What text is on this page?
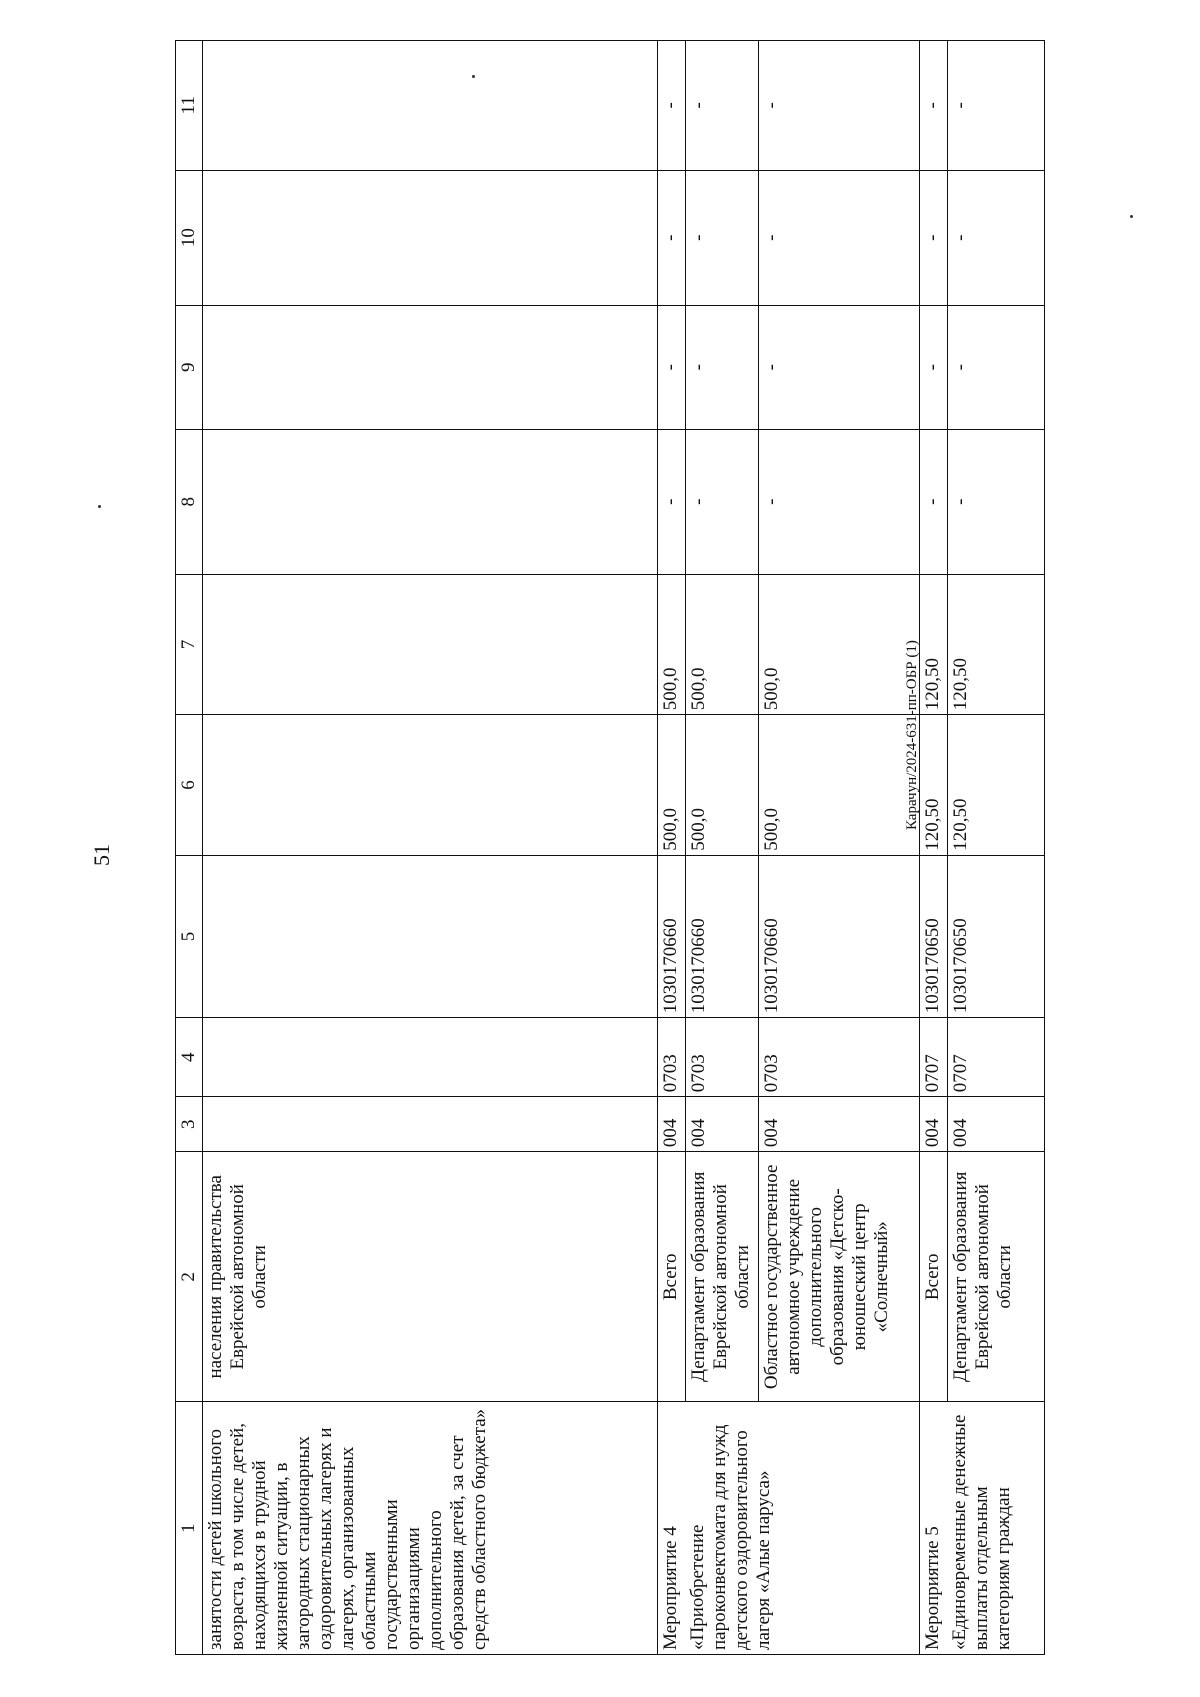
51
1	2	3	4	5	6	7	8	9	10	11
занятости детей школьного возраста, в том числе детей, находящихся в трудной жизненной ситуации, в загородных стационарных оздоровительных лагерях и лагерях, организованных областными государственными организациями дополнительного образования детей, за счет средств областного бюджета»	населения правительства Еврейской автономной области									
Мероприятие 4	Всего	004	0703	1030170660	500,0	500,0	-	-	-	-
«Приобретение пароконвектомата для нужд детского оздоровительного лагеря «Алые паруса»	Департамент образования Еврейской автономной области	004	0703	1030170660	500,0	500,0	-	-	-	-
	Областное государственное автономное учреждение дополнительного образования «Детско-юношеский центр «Солнечный»	004	0703	1030170660	500,0	500,0	-	-	-	-
Мероприятие 5	Всего	004	0707	1030170650	120,50	120,50	-	-	-	-
«Единовременные денежные выплаты отдельным категориям граждан	Департамент образования Еврейской автономной области	004	0707	1030170650	120,50	120,50	-	-	-	-
Карачун/2024-631-пп-ОБР (1)
